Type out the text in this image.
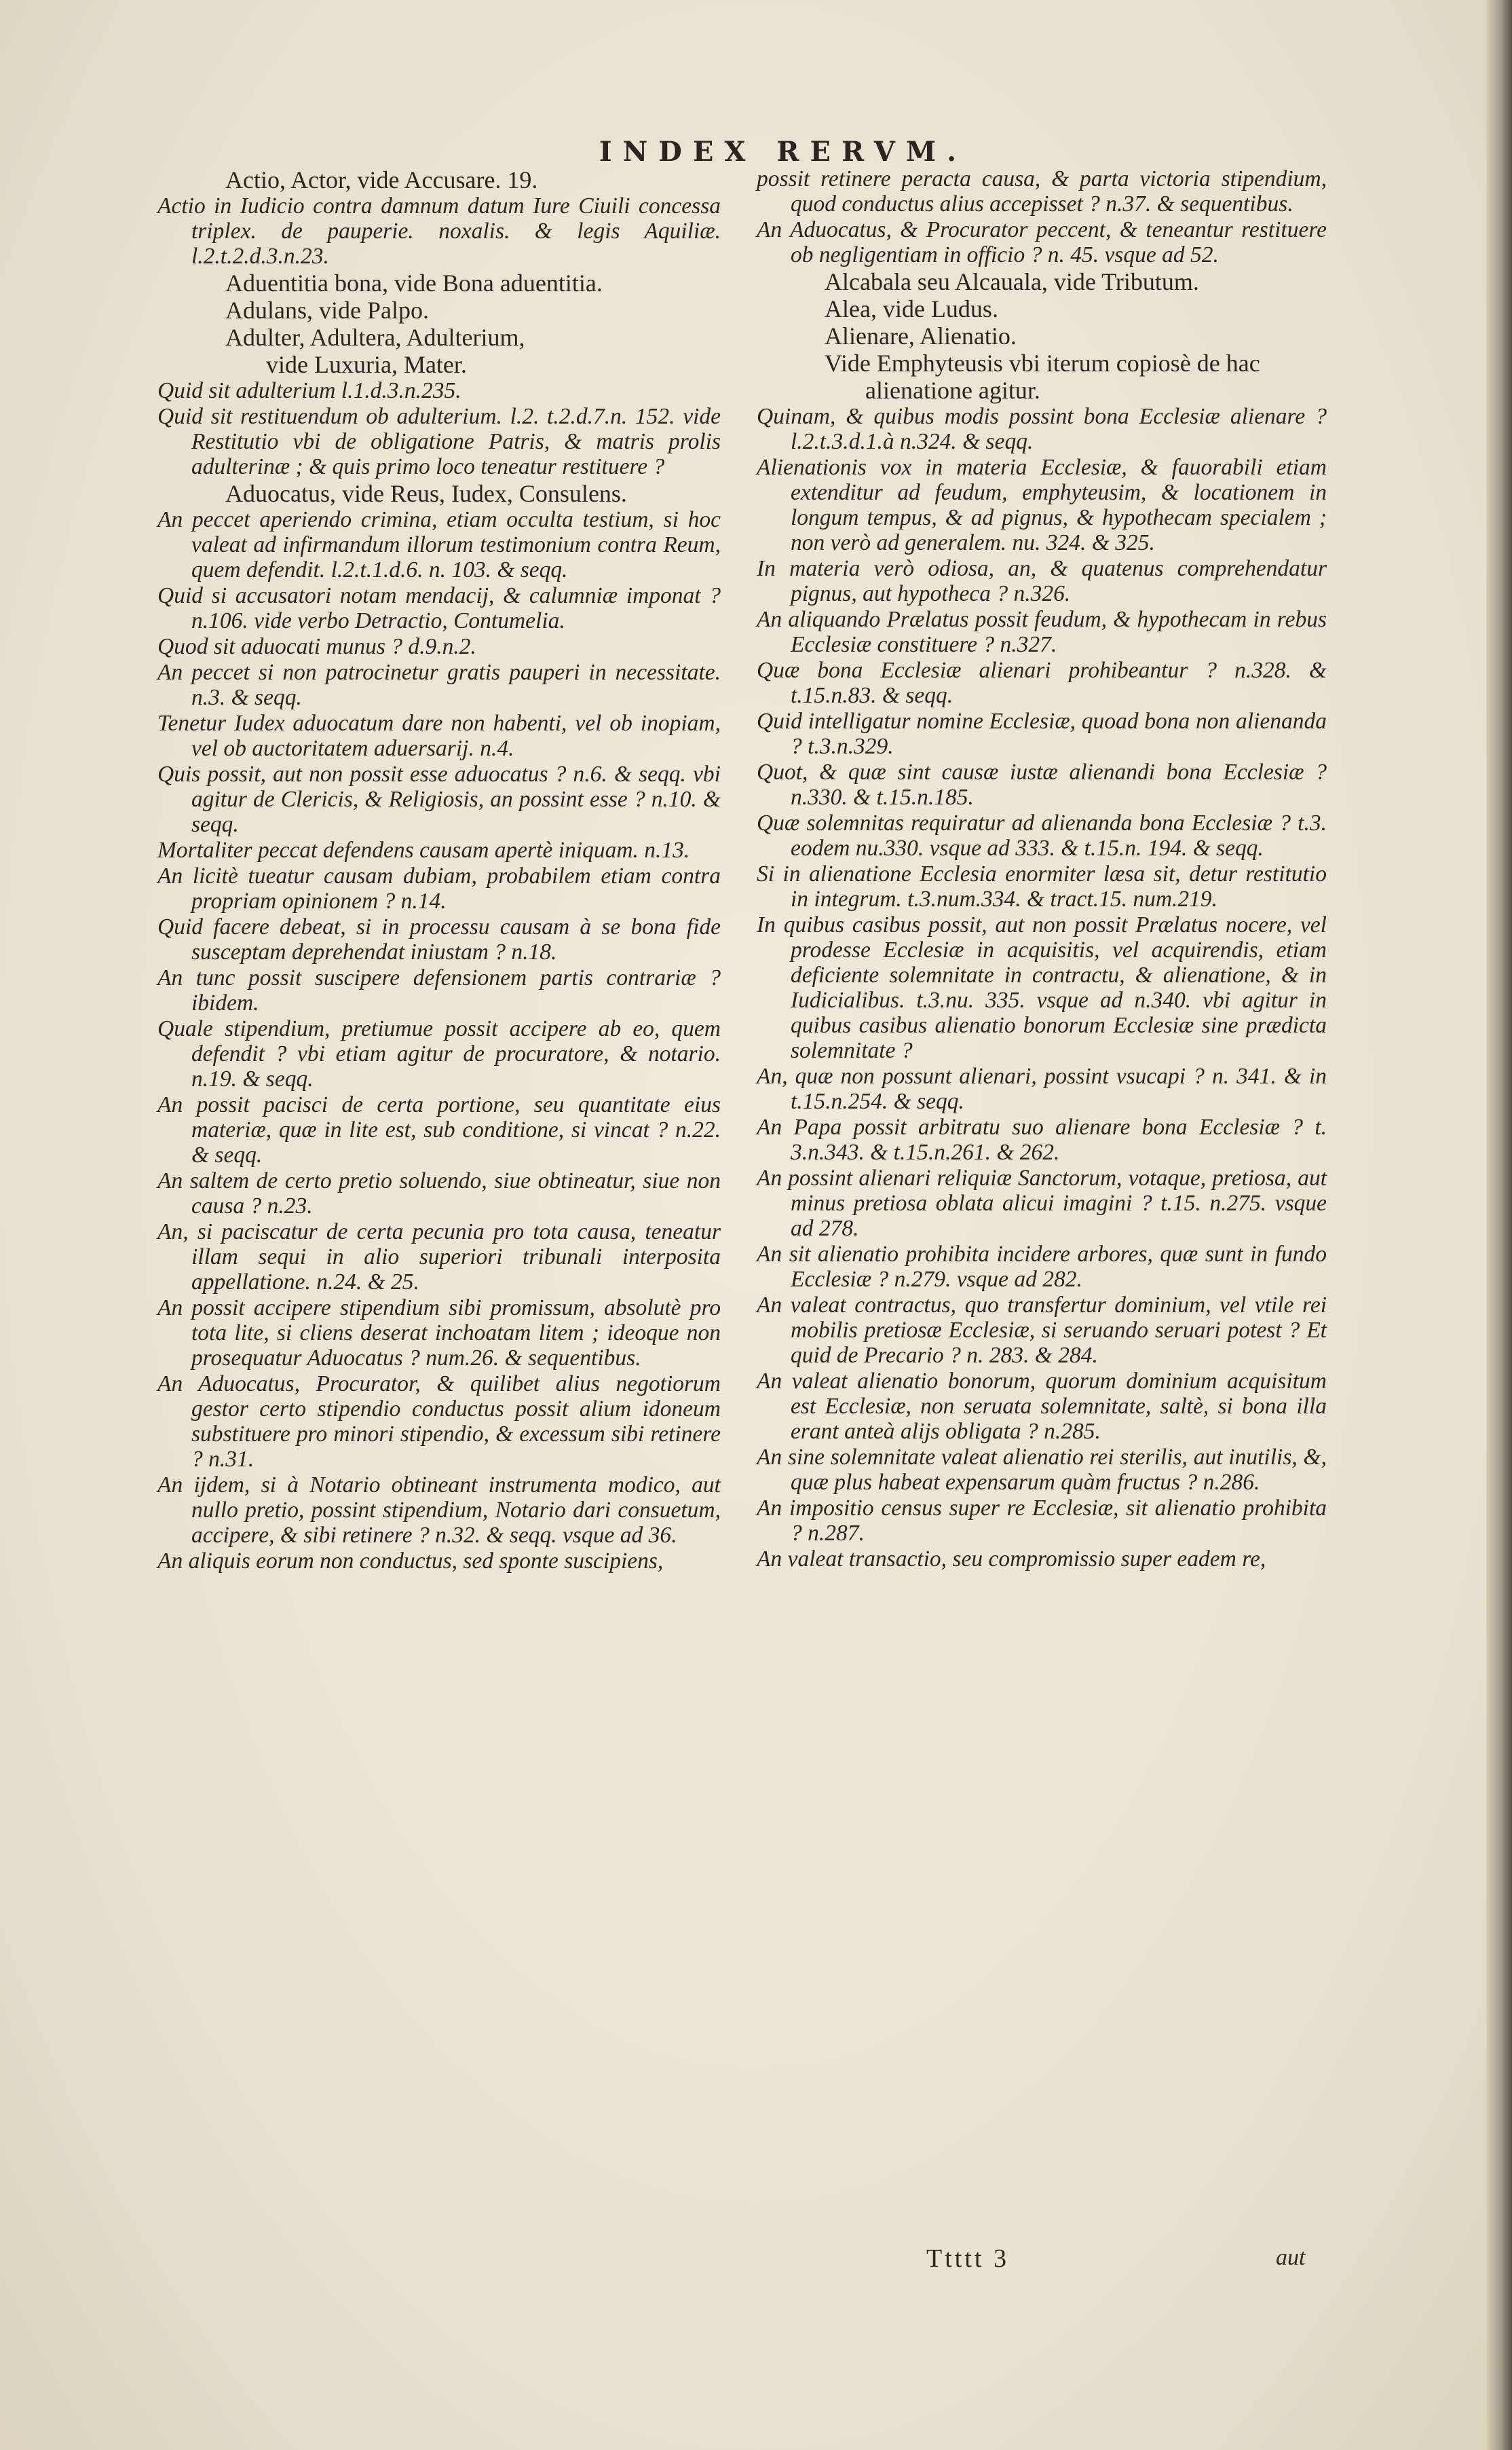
INDEX RERVM.

Actio, Actor, vide Accusare. 19.

Actio in Iudicio contra damnum datum Iure Ciuili concessa triplex. de pauperie. noxalis. & legis Aquiliæ. l.2.t.2.d.3.n.23.

Aduentitia bona, vide Bona aduentitia.

Adulans, vide Palpo.

Adulter, Adultera, Adulterium,

vide Luxuria, Mater.

Quid sit adulterium l.1.d.3.n.235.

Quid sit restituendum ob adulterium. l.2. t.2.d.7.n. 152. vide Restitutio vbi de obligatione Patris, & matris prolis adulterinæ ; & quis primo loco teneatur restituere ?

Aduocatus, vide Reus, Iudex, Consulens.

An peccet aperiendo crimina, etiam occulta testium, si hoc valeat ad infirmandum illorum testimonium contra Reum, quem defendit. l.2.t.1.d.6. n. 103. & seqq.

Quid si accusatori notam mendacij, & calumniæ imponat ? n.106. vide verbo Detractio, Contumelia.

Quod sit aduocati munus ? d.9.n.2.

An peccet si non patrocinetur gratis pauperi in necessitate. n.3. & seqq.

Tenetur Iudex aduocatum dare non habenti, vel ob inopiam, vel ob auctoritatem aduersarij. n.4.

Quis possit, aut non possit esse aduocatus ? n.6. & seqq. vbi agitur de Clericis, & Religiosis, an possint esse ? n.10. & seqq.

Mortaliter peccat defendens causam apertè iniquam. n.13.

An licitè tueatur causam dubiam, probabilem etiam contra propriam opinionem ? n.14.

Quid facere debeat, si in processu causam à se bona fide susceptam deprehendat iniustam ? n.18.

An tunc possit suscipere defensionem partis contrariæ ? ibidem.

Quale stipendium, pretiumue possit accipere ab eo, quem defendit ? vbi etiam agitur de procuratore, & notario. n.19. & seqq.

An possit pacisci de certa portione, seu quantitate eius materiæ, quæ in lite est, sub conditione, si vincat ? n.22. & seqq.

An saltem de certo pretio soluendo, siue obtineatur, siue non causa ? n.23.

An, si paciscatur de certa pecunia pro tota causa, teneatur illam sequi in alio superiori tribunali interposita appellatione. n.24. & 25.

An possit accipere stipendium sibi promissum, absolutè pro tota lite, si cliens deserat inchoatam litem ; ideoque non prosequatur Aduocatus ? num.26. & sequentibus.

An Aduocatus, Procurator, & quilibet alius negotiorum gestor certo stipendio conductus possit alium idoneum substituere pro minori stipendio, & excessum sibi retinere ? n.31.

An ijdem, si à Notario obtineant instrumenta modico, aut nullo pretio, possint stipendium, Notario dari consuetum, accipere, & sibi retinere ? n.32. & seqq. vsque ad 36.

An aliquis eorum non conductus, sed sponte suscipiens,

possit retinere peracta causa, & parta victoria stipendium, quod conductus alius accepisset ? n.37. & sequentibus.

An Aduocatus, & Procurator peccent, & teneantur restituere ob negligentiam in officio ? n. 45. vsque ad 52.

Alcabala seu Alcauala, vide Tributum.

Alea, vide Ludus.

Alienare, Alienatio.

Vide Emphyteusis vbi iterum copiosè de hac alienatione agitur.

Quinam, & quibus modis possint bona Ecclesiæ alienare ? l.2.t.3.d.1.à n.324. & seqq.

Alienationis vox in materia Ecclesiæ, & fauorabili etiam extenditur ad feudum, emphyteusim, & locationem in longum tempus, & ad pignus, & hypothecam specialem ; non verò ad generalem. nu. 324. & 325.

In materia verò odiosa, an, & quatenus comprehendatur pignus, aut hypotheca ? n.326.

An aliquando Prælatus possit feudum, & hypothecam in rebus Ecclesiæ constituere ? n.327.

Quæ bona Ecclesiæ alienari prohibeantur ? n.328. & t.15.n.83. & seqq.

Quid intelligatur nomine Ecclesiæ, quoad bona non alienanda ? t.3.n.329.

Quot, & quæ sint causæ iustæ alienandi bona Ecclesiæ ? n.330. & t.15.n.185.

Quæ solemnitas requiratur ad alienanda bona Ecclesiæ ? t.3. eodem nu.330. vsque ad 333. & t.15.n. 194. & seqq.

Si in alienatione Ecclesia enormiter læsa sit, detur restitutio in integrum. t.3.num.334. & tract.15. num.219.

In quibus casibus possit, aut non possit Prælatus nocere, vel prodesse Ecclesiæ in acquisitis, vel acquirendis, etiam deficiente solemnitate in contractu, & alienatione, & in Iudicialibus. t.3.nu. 335. vsque ad n.340. vbi agitur in quibus casibus alienatio bonorum Ecclesiæ sine prædicta solemnitate ?

An, quæ non possunt alienari, possint vsucapi ? n. 341. & in t.15.n.254. & seqq.

An Papa possit arbitratu suo alienare bona Ecclesiæ ? t. 3.n.343. & t.15.n.261. & 262.

An possint alienari reliquiæ Sanctorum, votaque, pretiosa, aut minus pretiosa oblata alicui imagini ? t.15. n.275. vsque ad 278.

An sit alienatio prohibita incidere arbores, quæ sunt in fundo Ecclesiæ ? n.279. vsque ad 282.

An valeat contractus, quo transfertur dominium, vel vtile rei mobilis pretiosæ Ecclesiæ, si seruando seruari potest ? Et quid de Precario ? n. 283. & 284.

An valeat alienatio bonorum, quorum dominium acquisitum est Ecclesiæ, non seruata solemnitate, saltè, si bona illa erant anteà alijs obligata ? n.285.

An sine solemnitate valeat alienatio rei sterilis, aut inutilis, &, quæ plus habeat expensarum quàm fructus ? n.286.

An impositio census super re Ecclesiæ, sit alienatio prohibita ? n.287.

An valeat transactio, seu compromissio super eadem re,

Ttttt 3	aut
